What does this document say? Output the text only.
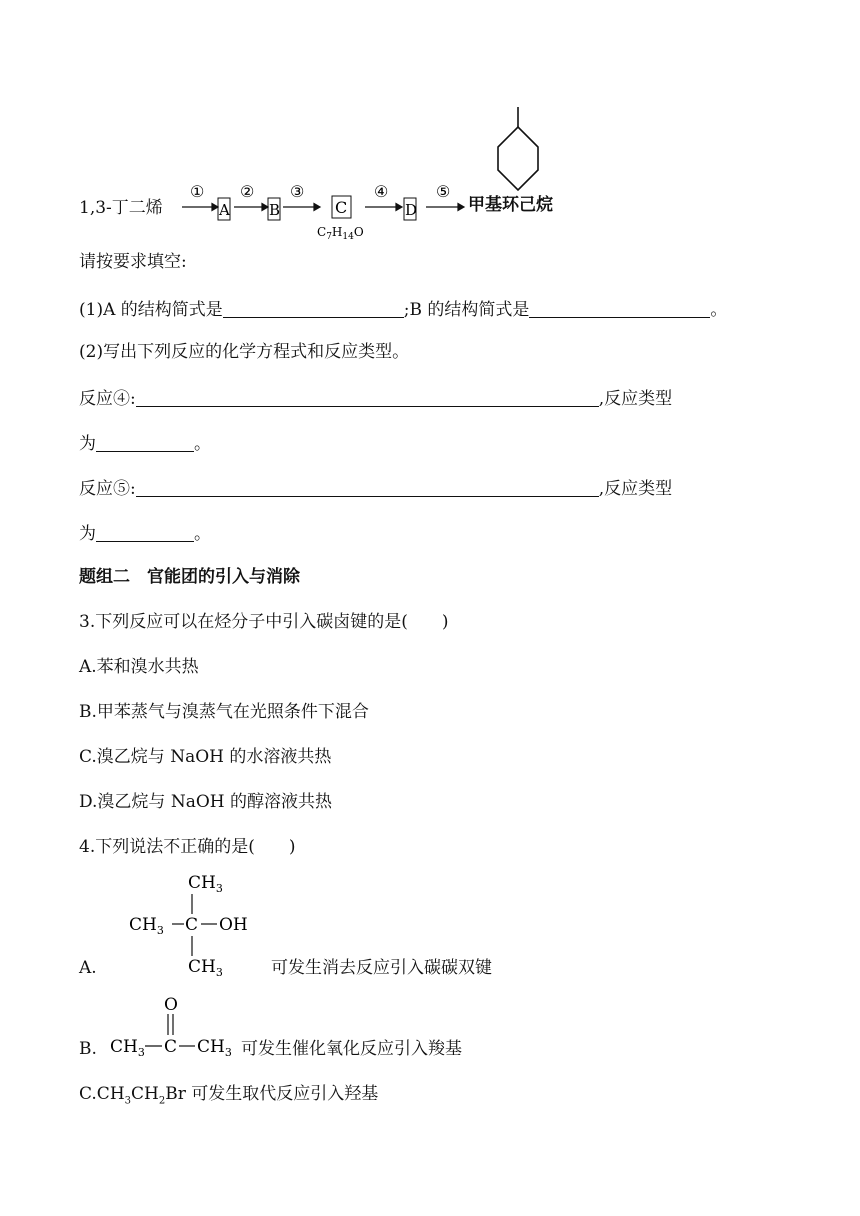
1,3-丁二烯
① ② ③	④	⑤
A	B	C	D
$C_7H_{14}O$
甲基环己烷
请按要求填空:
(1)A 的结构简式是	;B 的结构简式是	。
(2)写出下列反应的化学方程式和反应类型。
反应④:	,反应类型
为	。
反应⑤:	,反应类型
为	。
题组二　官能团的引入与消除
3.下列反应可以在烃分子中引入碳卤键的是(　　)
A.苯和溴水共热
B.甲苯蒸气与溴蒸气在光照条件下混合
C.溴乙烷与 NaOH 的水溶液共热
D.溴乙烷与 NaOH 的醇溶液共热
4.下列说法不正确的是(　　)
$CH_3$
$CH_3$ C OH
$CH_3$
A.	可发生消去反应引入碳碳双键
O
$CH_3$ C $CH_3$
B.	可发生催化氧化反应引入羧基
$C.CH_3CH_2Br$ 可发生取代反应引入羟基
